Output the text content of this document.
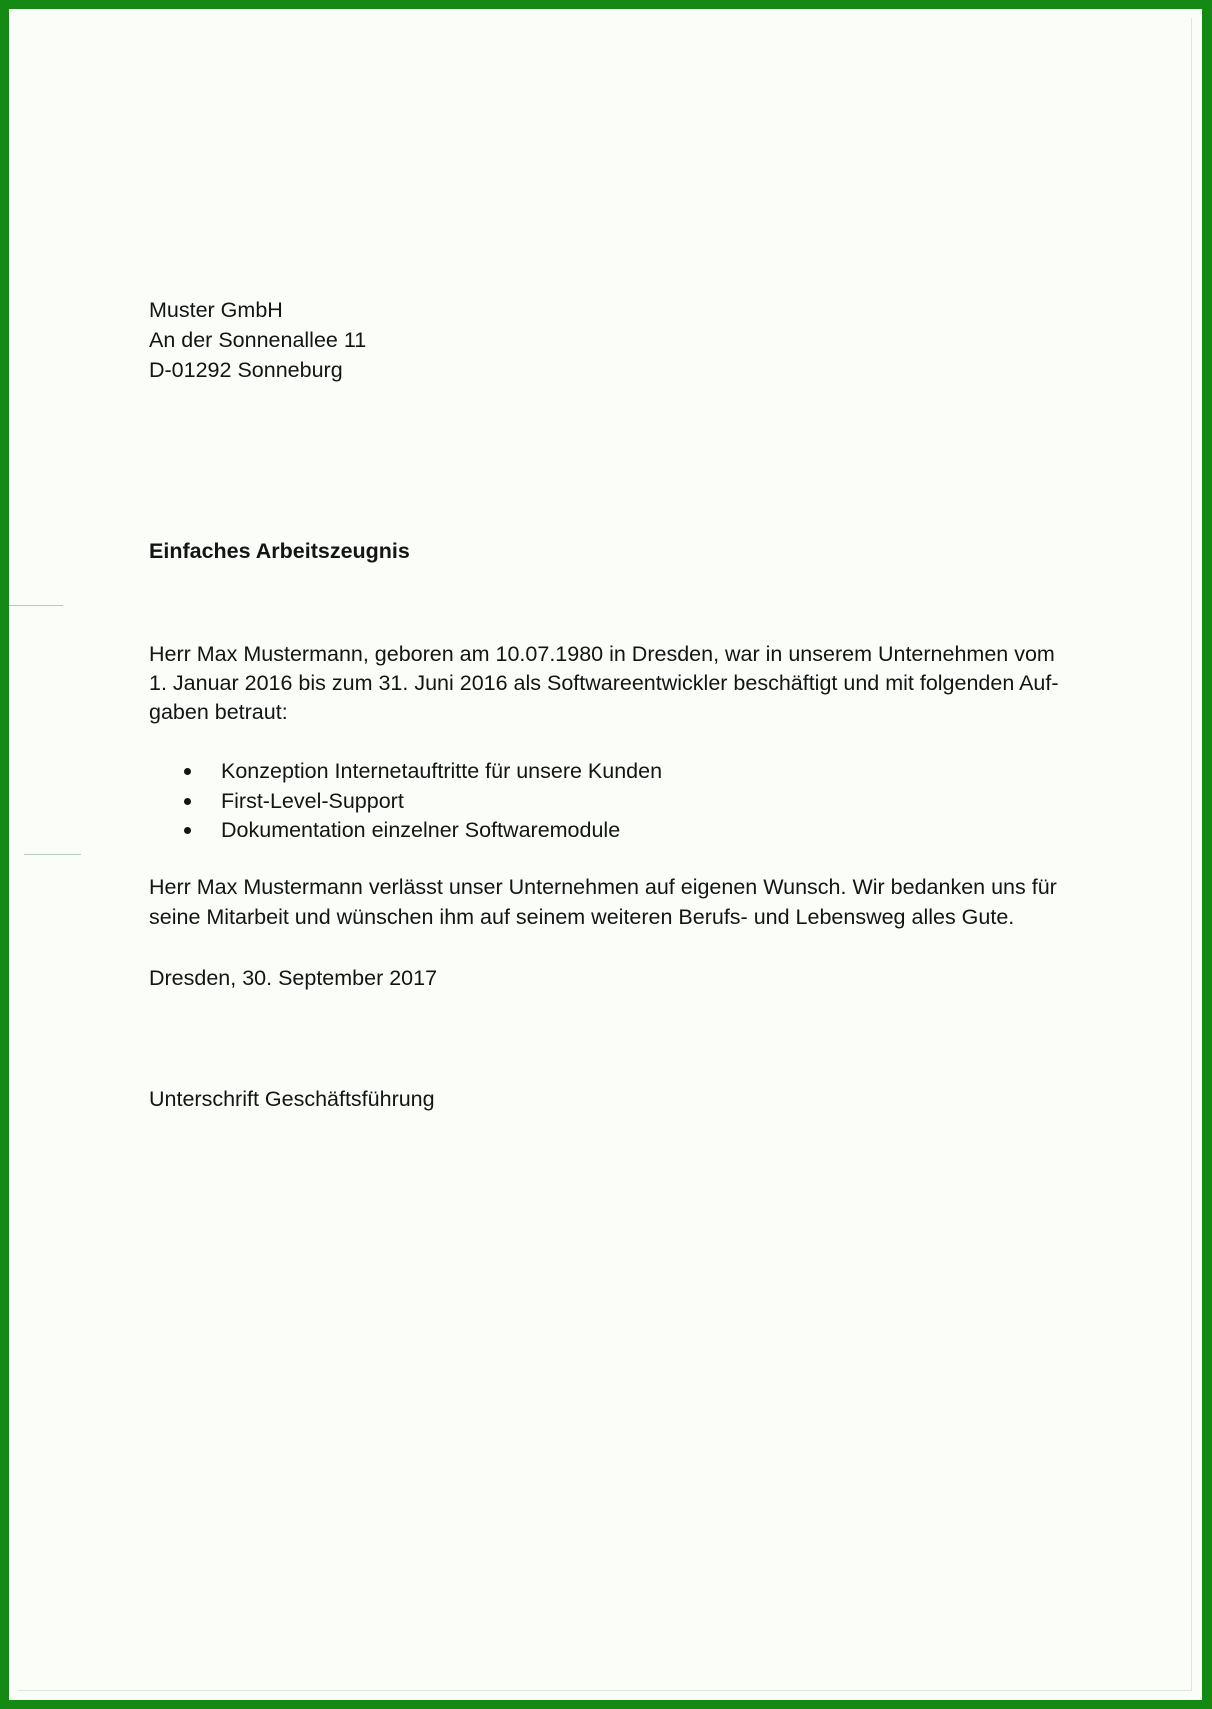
Muster GmbH
An der Sonnenallee 11
D-01292 Sonneburg
Einfaches Arbeitszeugnis
Herr Max Mustermann, geboren am 10.07.1980 in Dresden, war in unserem Unternehmen vom
1. Januar 2016 bis zum 31. Juni 2016 als Softwareentwickler beschäftigt und mit folgenden Auf-
gaben betraut:
Konzeption Internetauftritte für unsere Kunden
First-Level-Support
Dokumentation einzelner Softwaremodule
Herr Max Mustermann verlässt unser Unternehmen auf eigenen Wunsch. Wir bedanken uns für
seine Mitarbeit und wünschen ihm auf seinem weiteren Berufs- und Lebensweg alles Gute.
Dresden, 30. September 2017
Unterschrift Geschäftsführung
